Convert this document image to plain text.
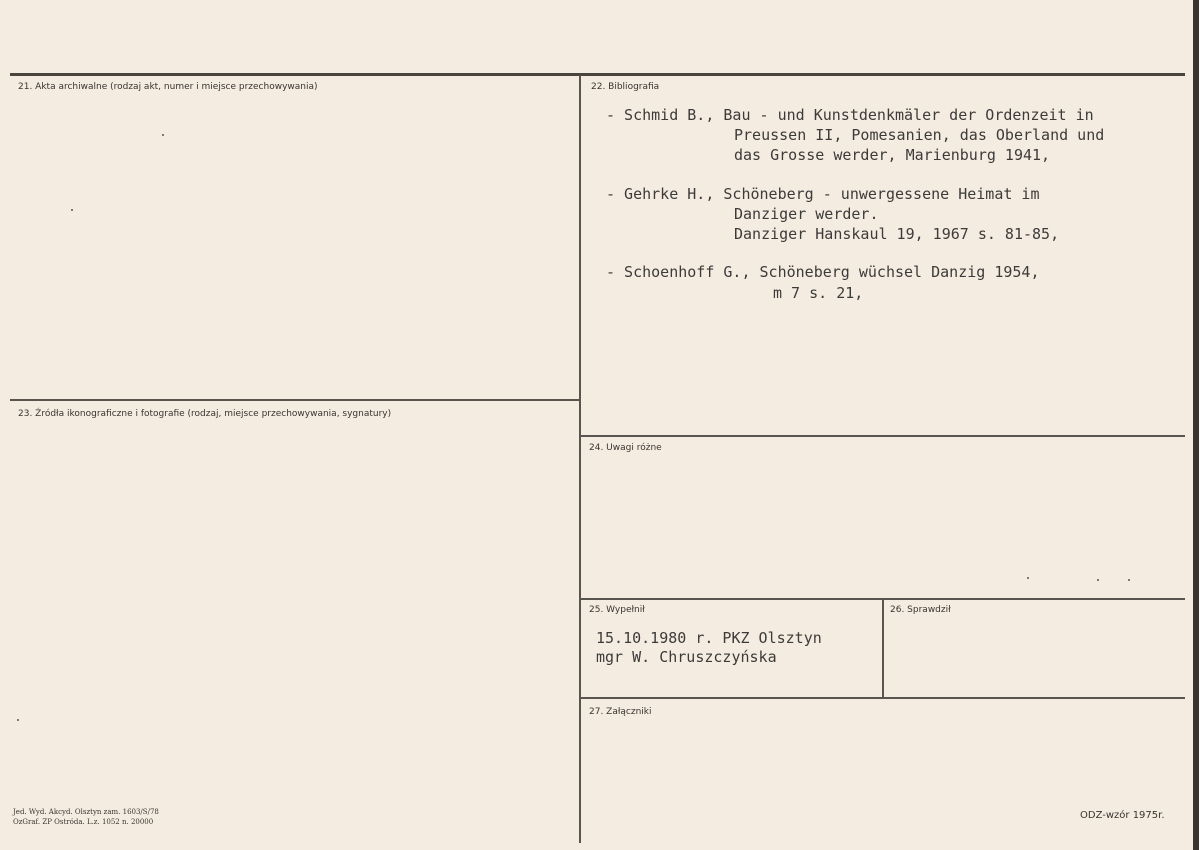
21. Akta archiwalne (rodzaj akt, numer i miejsce przechowywania)	22. Bibliografia
23. Źródła ikonograficzne i fotografie (rodzaj, miejsce przechowywania, sygnatury)
24. Uwagi różne
25. Wypełnił	26. Sprawdził
27. Załączniki
- Schmid B., Bau - und Kunstdenkmäler der Ordenzeit in
Preussen II, Pomesanien, das Oberland und
das Grosse werder, Marienburg 1941,
- Gehrke H., Schöneberg - unwergessene Heimat im
Danziger werder.
Danziger Hanskaul 19, 1967 s. 81-85,
- Schoenhoff G., Schöneberg wüchsel Danzig 1954,
m 7 s. 21,
15.10.1980 r. PKZ Olsztyn
mgr W. Chruszczyńska
Jed. Wyd. Akcyd. Olsztyn zam. 1603/S/78
OzGraf. ZP Ostróda. L.z. 1052 n. 20000
ODZ-wzór 1975r.
